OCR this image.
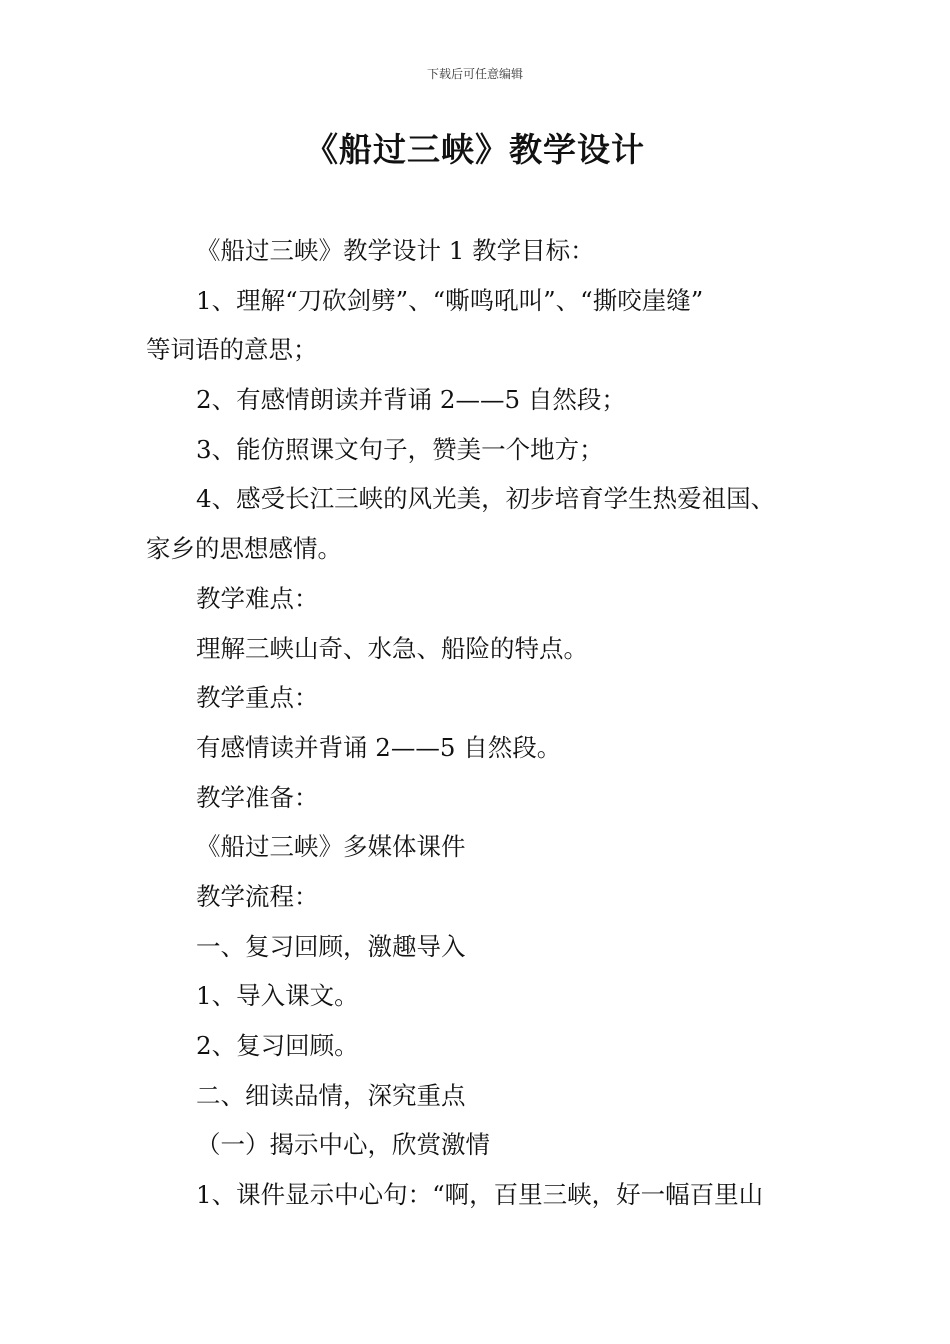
下载后可任意编辑
《船过三峡》教学设计
《船过三峡》教学设计 1 教学目标：
1、理解“刀砍剑劈”、“嘶鸣吼叫”、“撕咬崖缝”
等词语的意思；
2、有感情朗读并背诵 2——5 自然段；
3、能仿照课文句子，赞美一个地方；
4、感受长江三峡的风光美，初步培育学生热爱祖国、
家乡的思想感情。
教学难点：
理解三峡山奇、水急、船险的特点。
教学重点：
有感情读并背诵 2——5 自然段。
教学准备：
《船过三峡》多媒体课件
教学流程：
一、复习回顾，激趣导入
1、导入课文。
2、复习回顾。
二、细读品情，深究重点
（一）揭示中心，欣赏激情
1、课件显示中心句：“啊，百里三峡，好一幅百里山
